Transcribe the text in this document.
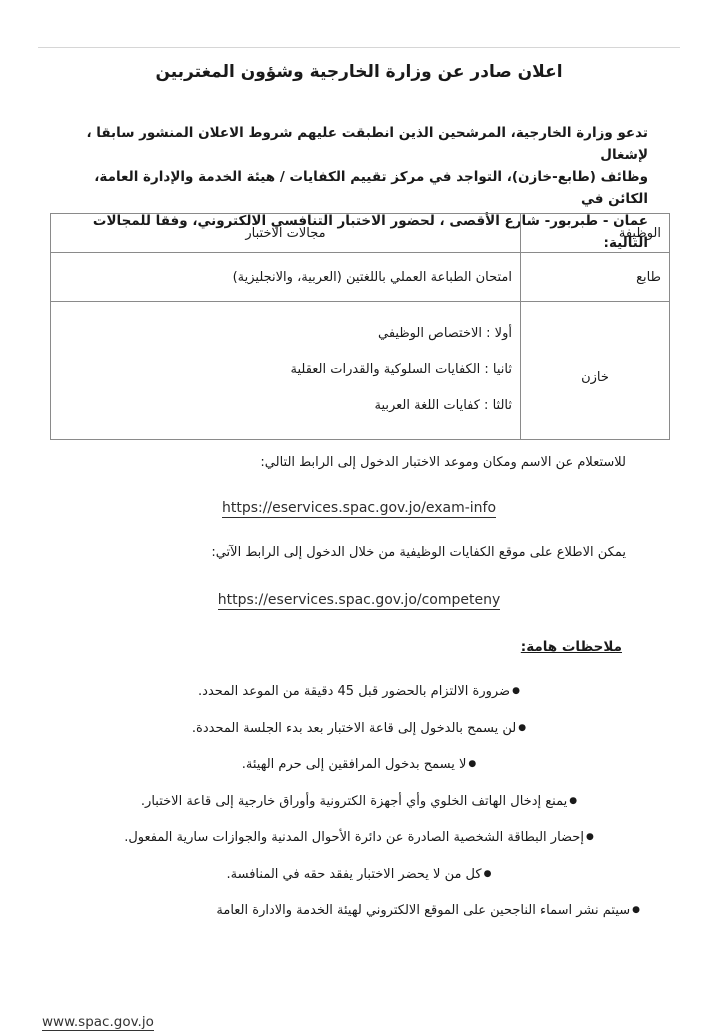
اعلان صادر عن وزارة الخارجية وشؤون المغتربين
تدعو وزارة الخارجية، المرشحين الذين انطبقت عليهم شروط الاعلان المنشور سابقا ، لإشغال
وظائف (طابع-خازن)، التواجد في مركز تقييم الكفايات / هيئة الخدمة والإدارة العامة، الكائن في
عمان - طبربور- شارع الأقصى ، لحضور الاختبار التنافسي الالكتروني، وفقا للمجالات التالية:
الوظيفة	مجالات الاختبار
طابع	امتحان الطباعة العملي باللغتين (العربية، والانجليزية)
خازن	أولا : الاختصاص الوظيفي
ثانيا : الكفايات السلوكية والقدرات العقلية
ثالثا : كفايات اللغة العربية
للاستعلام عن الاسم ومكان وموعد الاختبار الدخول إلى الرابط التالي:
https://eservices.spac.gov.jo/exam-info
يمكن الاطلاع على موقع الكفايات الوظيفية من خلال الدخول إلى الرابط الآتي:
https://eservices.spac.gov.jo/competeny
ملاحظات هامة:
● ضرورة الالتزام بالحضور قبل 45 دقيقة من الموعد المحدد.
● لن يسمح بالدخول إلى قاعة الاختبار بعد بدء الجلسة المحددة.
● لا يسمح بدخول المرافقين إلى حرم الهيئة.
● يمنع إدخال الهاتف الخلوي وأي أجهزة الكترونية وأوراق خارجية إلى قاعة الاختبار.
● إحضار البطاقة الشخصية الصادرة عن دائرة الأحوال المدنية والجوازات سارية المفعول.
● كل من لا يحضر الاختبار يفقد حقه في المنافسة.
● سيتم نشر اسماء الناجحين على الموقع الالكتروني لهيئة الخدمة والادارة العامة
www.spac.gov.jo
